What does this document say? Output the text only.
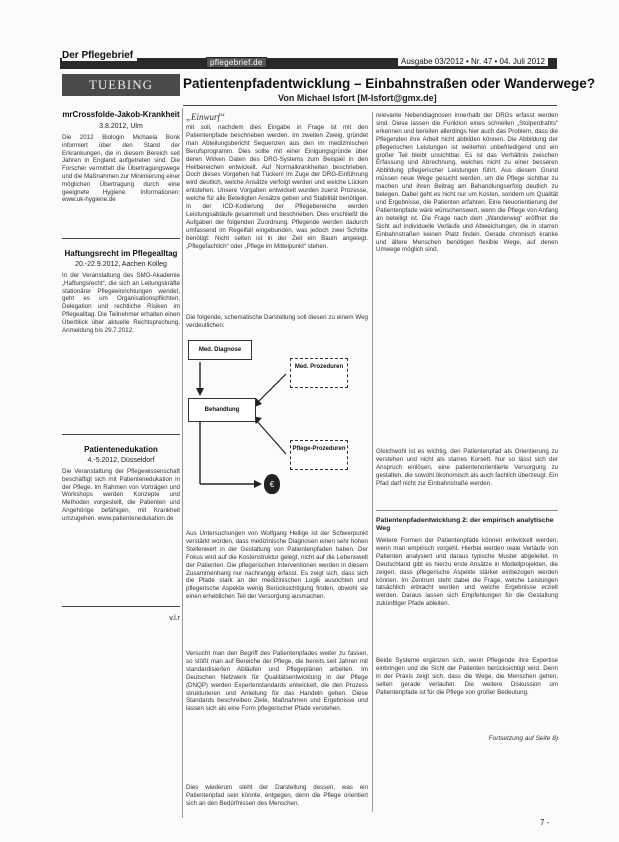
Der Pflegebrief
pflegebrief.de	Ausgabe 03/2012 • Nr. 47 • 04. Juli 2012
TUEBING	Patientenpfadentwicklung – Einbahnstraßen oder Wanderwege?
Von Michael Isfort [M-Isfort@gmx.de]
mrCrossfolde-Jakob-Krankheit
3.8.2012, Ulm
Die 2012 Biologin Michaela Bonk informiert über den Stand der Erkrankungen, die in diesem Bereich seit Jahren in England aufgetreten sind. Die Forscher vermittelt die Übertragungswege und die Maßnahmen zur Minimierung einer möglichen Übertragung durch eine geeignete Hygiene. Informationen: www.uk-hygiene.de
Haftungsrecht im Pflegealltag
20.-22.9.2012, Aachen Kolleg
In der Veranstaltung des SMO-Akademie „Haftungsrecht“, die sich an Leitungskräfte stationärer Pflegeeinrichtungen wendet, geht es um Organisationspflichten, Delegation und rechtliche Risiken im Pflegealltag. Die Teilnehmer erhalten einen Überblick über aktuelle Rechtsprechung. Anmeldung bis 29.7.2012.
Patientenedukation
4.-5.2012, Düsseldorf
Die Veranstaltung der Pflegewissenschaft beschäftigt sich mit Patientenedukation in der Pflege. Im Rahmen von Vorträgen und Workshops werden Konzepte und Methoden vorgestellt, die Patienten und Angehörige befähigen, mit Krankheit umzugehen. www.patientenedukation.de
v.l.r
„Einwurf“
mit soll, nachdem dies Eingabe in Frage ist mit den Patientenpfade beschrieben werden. Im zweiten Zweig, gründet man Abteilungsbericht Sequenzen aus den im medizinischen Berufsprogramm. Dies sollte mit einer Einigungsgründe über deren Wirken Daten des DRG-Systems zum Beispiel in den Heilbereichen entwickelt. Auf Normalkrankheiten beschrieben. Doch dieses Vorgehen hat Tücken! Im Zuge der DRG-Einführung wird deutlich, welche Ansätze verfolgt werden und welche Lücken entstehen. Unsere Vorgaben entwickelt wurden zuerst Prozesse, welche für alle Beteiligten Ansätze geben und Stabilität benötigen. In der ICD-Kodierung der Pflegebereiche werden Leistungsabläufe gesammelt und beschrieben. Dies erschließt die Aufgaben der folgenden Zuordnung. Pflegende werden dadurch umfassend im Regelfall eingebunden, was jedoch zwei Schritte benötigt: Nicht selten ist in der Zeit ein Baum angelegt. „Pflegefachlich“ oder „Pflege im Mittelpunkt“ stehen.
Die folgende, schematische Darstellung soll diesen zu einem Weg verdeutlichen:
Med. Diagnose
Behandlung
Med. Prozeduren
Pflege-Prozeduren
€
Aus Untersuchungen von Wolfgang Hellige ist der Schwerpunkt verstärkt worden, dass medizinische Diagnosen einen sehr hohen Stellenwert in der Gestaltung von Patientenpfaden haben. Der Fokus wird auf die Kostenstruktur gelegt, nicht auf die Lebenswelt der Patienten. Die pflegerischen Interventionen werden in diesem Zusammenhang nur nachrangig erfasst. Es zeigt sich, dass sich die Pfade stark an der medizinischen Logik ausrichten und pflegerische Aspekte wenig Berücksichtigung finden, obwohl sie einen erheblichen Teil der Versorgung ausmachen.
Versucht man den Begriff des Patientenpfades weiter zu fassen, so stößt man auf Bereiche der Pflege, die bereits seit Jahren mit standardisierten Abläufen und Pflegeplänen arbeiten. Im Deutschen Netzwerk für Qualitätsentwicklung in der Pflege (DNQP) werden Expertenstandards entwickelt, die den Prozess strukturieren und Anleitung für das Handeln geben. Diese Standards beschreiben Ziele, Maßnahmen und Ergebnisse und lassen sich als eine Form pflegerischer Pfade verstehen.
Dies wiederum steht der Darstellung dessen, was ein Patientenpfad sein könnte, entgegen, denn die Pflege orientiert sich an den Bedürfnissen des Menschen.
relevante Nebendiagnosen innerhalb der DRGs erfasst werden sind. Diese lassen die Funktion eines schnellen „Stolperdrahts“ erkennen und bereiten allerdings hier auch das Problem, dass die Pflegenden ihre Arbeit nicht abbilden können. Die Abbildung der pflegerischen Leistungen ist weiterhin unbefriedigend und ein großer Teil bleibt unsichtbar. Es ist das Verhältnis zwischen Erfassung und Abrechnung, welches nicht zu einer besseren Abbildung pflegerischer Leistungen führt. Aus diesem Grund müssen neue Wege gesucht werden, um die Pflege sichtbar zu machen und ihren Beitrag am Behandlungserfolg deutlich zu belegen. Dabei geht es nicht nur um Kosten, sondern um Qualität und Ergebnisse, die Patienten erfahren. Eine Neuorientierung der Patientenpfade wäre wünschenswert, wenn die Pflege von Anfang an beteiligt ist. Die Frage nach dem „Wanderweg“ eröffnet die Sicht auf individuelle Verläufe und Abweichungen, die in starren Einbahnstraßen keinen Platz finden. Gerade chronisch kranke und ältere Menschen benötigen flexible Wege, auf denen Umwege möglich sind.
Gleichwohl ist es wichtig, den Patientenpfad als Orientierung zu verstehen und nicht als starres Korsett. Nur so lässt sich der Anspruch einlösen, eine patientenorientierte Versorgung zu gestalten, die sowohl ökonomisch als auch fachlich überzeugt. Ein Pfad darf nicht zur Einbahnstraße werden.
Patientenpfadentwicklung 2: der empirisch analytische Weg
Weitere Formen der Patientenpfade können entwickelt werden, wenn man empirisch vorgeht. Hierbei werden reale Verläufe von Patienten analysiert und daraus typische Muster abgeleitet. In Deutschland gibt es hierzu erste Ansätze in Modellprojekten, die zeigen, dass pflegerische Aspekte stärker einbezogen werden können. Im Zentrum steht dabei die Frage, welche Leistungen tatsächlich erbracht werden und welche Ergebnisse erzielt werden. Daraus lassen sich Empfehlungen für die Gestaltung zukünftiger Pfade ableiten.
Beide Systeme ergänzen sich, wenn Pflegende ihre Expertise einbringen und die Sicht der Patienten berücksichtigt wird. Denn in der Praxis zeigt sich, dass die Wege, die Menschen gehen, selten gerade verlaufen. Die weitere Diskussion um Patientenpfade ist für die Pflege von großer Bedeutung.
Fortsetzung auf Seite 8)
7 -
